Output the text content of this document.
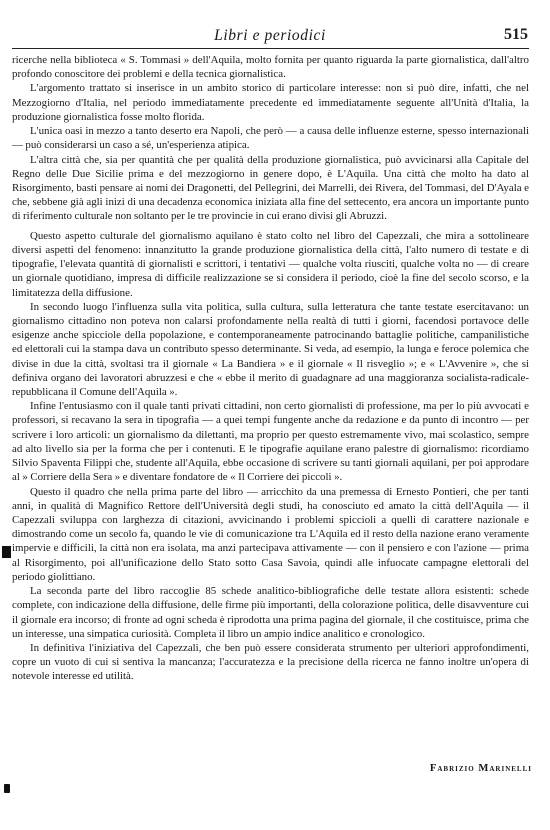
Libri e periodici	515

ricerche nella biblioteca « S. Tommasi » dell'Aquila, molto fornita per quanto riguarda la parte giornalistica, dall'altro profondo conoscitore dei problemi e della tecnica giornalistica.

L'argomento trattato si inserisce in un ambito storico di particolare interesse: non si può dire, infatti, che nel Mezzogiorno d'Italia, nel periodo immediatamente precedente ed immediatamente seguente all'Unità d'Italia, la produzione giornalistica fosse molto florida.

L'unica oasi in mezzo a tanto deserto era Napoli, che però — a causa delle influenze esterne, spesso internazionali — può considerarsi un caso a sé, un'esperienza atipica.

L'altra città che, sia per quantità che per qualità della produzione giornalistica, può avvicinarsi alla Capitale del Regno delle Due Sicilie prima e del mezzogiorno in genere dopo, è L'Aquila. Una città che molto ha dato al Risorgimento, basti pensare ai nomi dei Dragonetti, del Pellegrini, dei Marrelli, dei Rivera, del Tommasi, del D'Ayala e che, sebbene già agli inizi di una decadenza economica iniziata alla fine del settecento, era ancora un importante punto di riferimento culturale non soltanto per le tre provincie in cui erano divisi gli Abruzzi.

Questo aspetto culturale del giornalismo aquilano è stato colto nel libro del Capezzali, che mira a sottolineare diversi aspetti del fenomeno: innanzitutto la grande produzione giornalistica della città, l'alto numero di testate e di tipografie, l'elevata quantità di giornalisti e scrittori, i tentativi — qualche volta riusciti, qualche volta no — di creare un giornale quotidiano, impresa di difficile realizzazione se si considera il periodo, cioè la fine del secolo scorso, e la limitatezza della diffusione.

In secondo luogo l'influenza sulla vita politica, sulla cultura, sulla letteratura che tante testate esercitavano: un giornalismo cittadino non poteva non calarsi profondamente nella realtà di tutti i giorni, facendosi portavoce delle esigenze anche spicciole della popolazione, e contemporaneamente patrocinando battaglie politiche, campanilistiche ed elettorali cui la stampa dava un contributo spesso determinante. Si veda, ad esempio, la lunga e feroce polemica che divise in due la città, svoltasi tra il giornale « La Bandiera » e il giornale « Il risveglio »; e « L'Avvenire », che si definiva organo dei lavoratori abruzzesi e che « ebbe il merito di guadagnare ad una maggioranza socialista-radicale-repubblicana il Comune dell'Aquila ».

Infine l'entusiasmo con il quale tanti privati cittadini, non certo giornalisti di professione, ma per lo più avvocati e professori, si recavano la sera in tipografia — a quei tempi fungente anche da redazione e da punto di incontro — per scrivere i loro articoli: un giornalismo da dilettanti, ma proprio per questo estremamente vivo, mai scolastico, sempre ad alto livello sia per la forma che per i contenuti. E le tipografie aquilane erano palestre di giornalismo: ricordiamo Silvio Spaventa Filippi che, studente all'Aquila, ebbe occasione di scrivere su tanti giornali aquilani, per poi approdare al » Corriere della Sera » e diventare fondatore de « Il Corriere dei piccoli ».

Questo il quadro che nella prima parte del libro — arricchito da una premessa di Ernesto Pontieri, che per tanti anni, in qualità di Magnifico Rettore dell'Università degli studi, ha conosciuto ed amato la città dell'Aquila — il Capezzali sviluppa con larghezza di citazioni, avvicinando i problemi spiccioli a quelli di carattere nazionale e dimostrando come un secolo fa, quando le vie di comunicazione tra L'Aquila ed il resto della nazione erano veramente impervie e difficili, la città non era isolata, ma anzi partecipava attivamente — con il pensiero e con l'azione — prima al Risorgimento, poi all'unificazione dello Stato sotto Casa Savoia, quindi alle infuocate campagne elettorali del periodo giolittiano.

La seconda parte del libro raccoglie 85 schede analitico-bibliografiche delle testate allora esistenti: schede complete, con indicazione della diffusione, delle firme più importanti, della colorazione politica, delle disavventure cui il giornale era incorso; di fronte ad ogni scheda è riprodotta una prima pagina del giornale, il che costituisce, prima che un interesse, una simpatica curiosità. Completa il libro un ampio indice analitico e cronologico.

In definitiva l'iniziativa del Capezzali, che ben può essere considerata strumento per ulteriori approfondimenti, copre un vuoto di cui si sentiva la mancanza; l'accuratezza e la precisione della ricerca ne fanno inoltre un'opera di notevole interesse ed utilità.

Fabrizio Marinelli
